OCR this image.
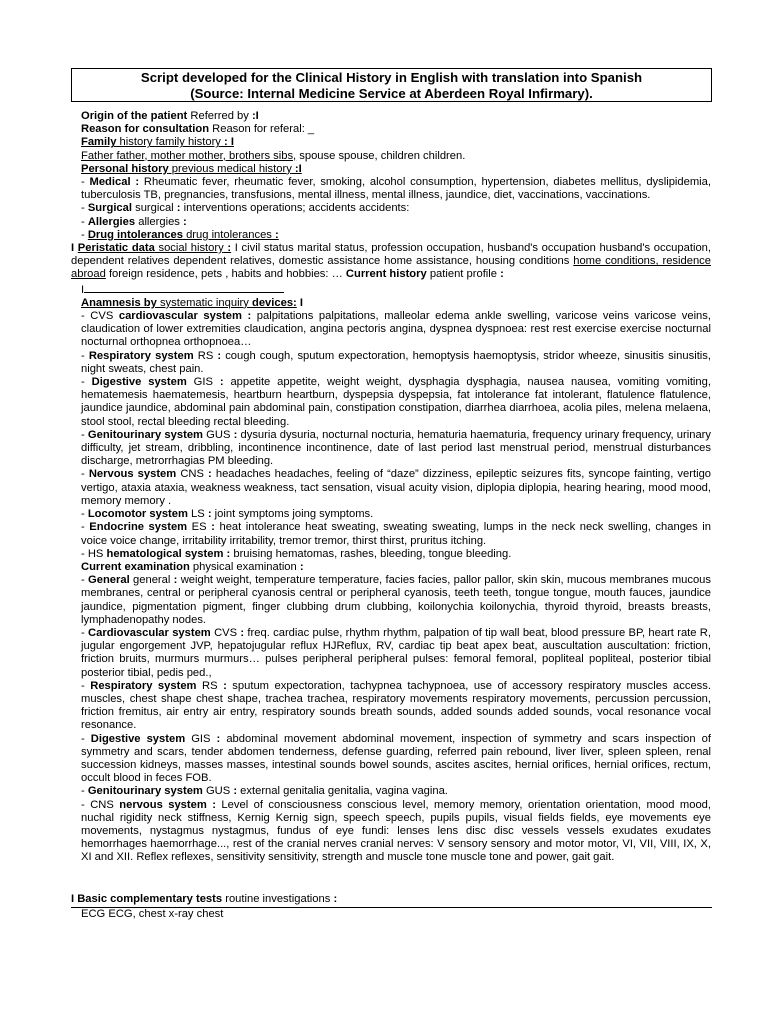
Script developed for the Clinical History in English with translation into Spanish
(Source: Internal Medicine Service at Aberdeen Royal Infirmary).

Origin of the patient Referred by :I

Reason for consultation Reason for referal: _

Family history family history : I

Father father, mother mother, brothers sibs, spouse spouse, children children.

Personal history previous medical history :I

- Medical : Rheumatic fever, rheumatic fever, smoking, alcohol consumption, hypertension, diabetes mellitus, dyslipidemia, tuberculosis TB, pregnancies, transfusions, mental illness, mental illness, jaundice, diet, vaccinations, vaccinations.

- Surgical surgical : interventions operations; accidents accidents:

- Allergies allergies :

- Drug intolerances drug intolerances :

I Peristatic data social history : I civil status marital status, profession occupation, husband's occupation husband's occupation, dependent relatives dependent relatives, domestic assistance home assistance, housing conditions home conditions, residence abroad foreign residence, pets , habits and hobbies: … Current history patient profile :

I

Anamnesis by systematic inquiry devices: I

- CVS cardiovascular system : palpitations palpitations, malleolar edema ankle swelling, varicose veins varicose veins, claudication of lower extremities claudication, angina pectoris angina, dyspnea dyspnoea: rest rest exercise exercise nocturnal nocturnal orthopnea orthopnoea…

- Respiratory system RS : cough cough, sputum expectoration, hemoptysis haemoptysis, stridor wheeze, sinusitis sinusitis, night sweats, chest pain.

- Digestive system GIS : appetite appetite, weight weight, dysphagia dysphagia, nausea nausea, vomiting vomiting, hematemesis haematemesis, heartburn heartburn, dyspepsia dyspepsia, fat intolerance fat intolerant, flatulence flatulence, jaundice jaundice, abdominal pain abdominal pain, constipation constipation, diarrhea diarrhoea, acolia piles, melena melaena, stool stool, rectal bleeding rectal bleeding.

- Genitourinary system GUS : dysuria dysuria, nocturnal nocturia, hematuria haematuria, frequency urinary frequency, urinary difficulty, jet stream, dribbling, incontinence incontinence, date of last period last menstrual period, menstrual disturbances discharge, metrorrhagias PM bleeding.

- Nervous system CNS : headaches headaches, feeling of “daze” dizziness, epileptic seizures fits, syncope fainting, vertigo vertigo, ataxia ataxia, weakness weakness, tact sensation, visual acuity vision, diplopia diplopia, hearing hearing, mood mood, memory memory .

- Locomotor system LS : joint symptoms joing symptoms.

- Endocrine system ES : heat intolerance heat sweating, sweating sweating, lumps in the neck neck swelling, changes in voice voice change, irritability irritability, tremor tremor, thirst thirst, pruritus itching.

- HS hematological system : bruising hematomas, rashes, bleeding, tongue bleeding.

Current examination physical examination :

- General general : weight weight, temperature temperature, facies facies, pallor pallor, skin skin, mucous membranes mucous membranes, central or peripheral cyanosis central or peripheral cyanosis, teeth teeth, tongue tongue, mouth fauces, jaundice jaundice, pigmentation pigment, finger clubbing drum clubbing, koilonychia koilonychia, thyroid thyroid, breasts breasts, lymphadenopathy nodes.

- Cardiovascular system CVS : freq. cardiac pulse, rhythm rhythm, palpation of tip wall beat, blood pressure BP, heart rate R, jugular engorgement JVP, hepatojugular reflux HJReflux, RV, cardiac tip beat apex beat, auscultation auscultation: friction, friction bruits, murmurs murmurs… pulses peripheral peripheral pulses: femoral femoral, popliteal popliteal, posterior tibial posterior tibial, pedis ped.,

- Respiratory system RS : sputum expectoration, tachypnea tachypnoea, use of accessory respiratory muscles access. muscles, chest shape chest shape, trachea trachea, respiratory movements respiratory movements, percussion percussion, friction fremitus, air entry air entry, respiratory sounds breath sounds, added sounds added sounds, vocal resonance vocal resonance.

- Digestive system GIS : abdominal movement abdominal movement, inspection of symmetry and scars inspection of symmetry and scars, tender abdomen tenderness, defense guarding, referred pain rebound, liver liver, spleen spleen, renal succession kidneys, masses masses, intestinal sounds bowel sounds, ascites ascites, hernial orifices, hernial orifices, rectum, occult blood in feces FOB.

- Genitourinary system GUS : external genitalia genitalia, vagina vagina.

- CNS nervous system : Level of consciousness conscious level, memory memory, orientation orientation, mood mood, nuchal rigidity neck stiffness, Kernig Kernig sign, speech speech, pupils pupils, visual fields fields, eye movements eye movements, nystagmus nystagmus, fundus of eye fundi: lenses lens disc disc vessels vessels exudates exudates hemorrhages haemorrhage..., rest of the cranial nerves cranial nerves: V sensory sensory and motor motor, VI, VII, VIII, IX, X, XI and XII. Reflex reflexes, sensitivity sensitivity, strength and muscle tone muscle tone and power, gait gait.

I Basic complementary tests routine investigations :

ECG ECG, chest x-ray chest
